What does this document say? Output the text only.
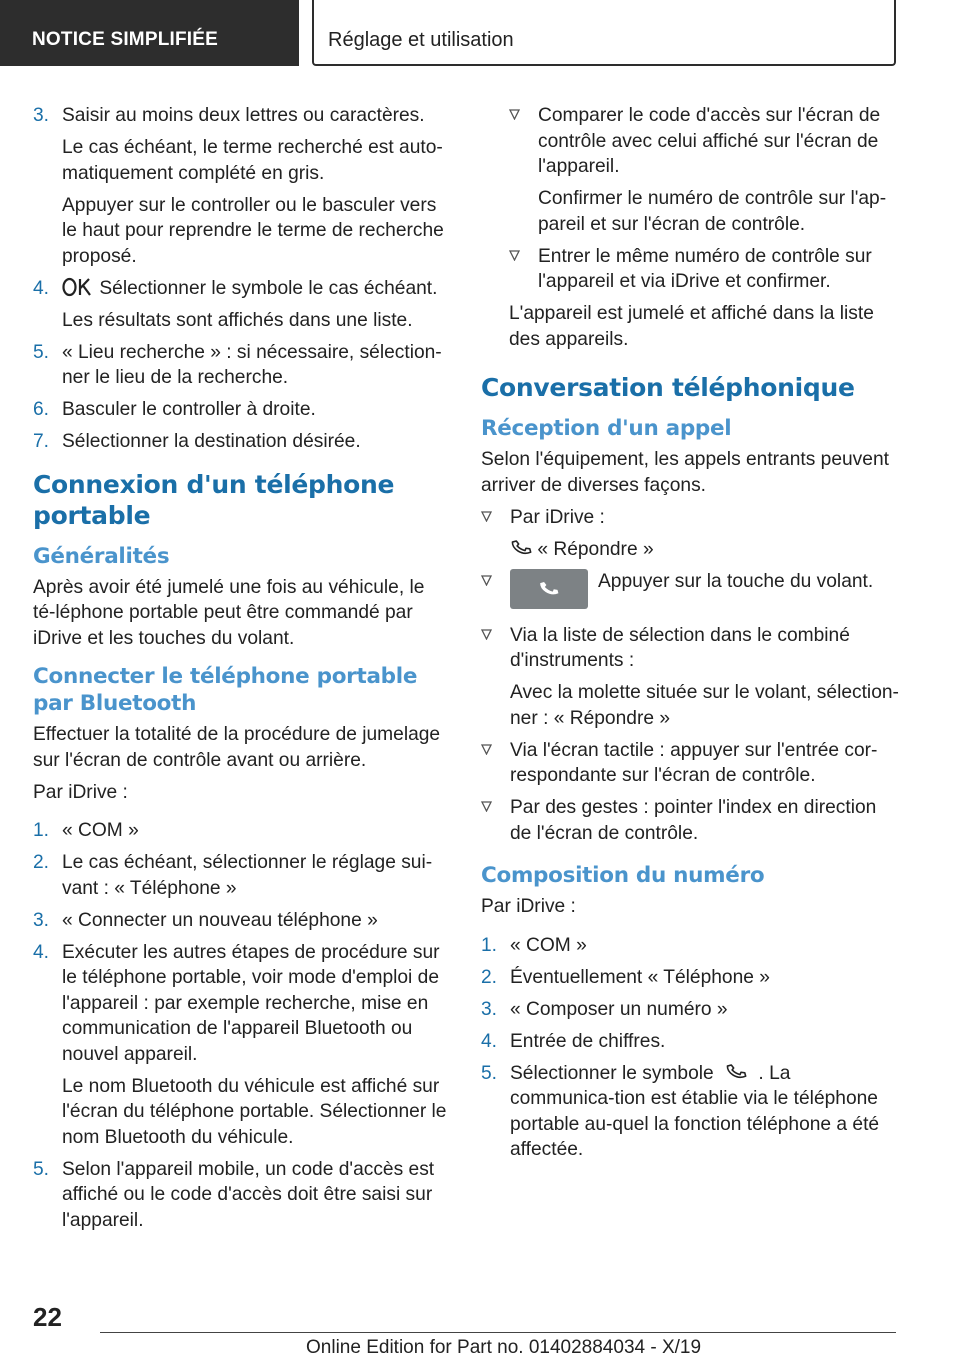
NOTICE SIMPLIFIÉE	Réglage et utilisation
3. Saisir au moins deux lettres ou caractères.
Le cas échéant, le terme recherché est auto-matiquement complété en gris.
Appuyer sur le controller ou le basculer vers le haut pour reprendre le terme de recherche proposé.
4.	Sélectionner le symbole le cas échéant.
Les résultats sont affichés dans une liste.
5. « Lieu recherche » : si nécessaire, sélection-ner le lieu de la recherche.
6. Basculer le controller à droite.
7. Sélectionner la destination désirée.
Connexion d'un téléphone portable
Généralités
Après avoir été jumelé une fois au véhicule, le té-léphone portable peut être commandé par iDrive et les touches du volant.
Connecter le téléphone portable par Bluetooth
Effectuer la totalité de la procédure de jumelage sur l'écran de contrôle avant ou arrière.
Par iDrive :
1. « COM »
2. Le cas échéant, sélectionner le réglage sui-vant : « Téléphone »
3. « Connecter un nouveau téléphone »
4. Exécuter les autres étapes de procédure sur le téléphone portable, voir mode d'emploi de l'appareil : par exemple recherche, mise en communication de l'appareil Bluetooth ou nouvel appareil.
Le nom Bluetooth du véhicule est affiché sur l'écran du téléphone portable. Sélectionner le nom Bluetooth du véhicule.
5. Selon l'appareil mobile, un code d'accès est affiché ou le code d'accès doit être saisi sur l'appareil.
Comparer le code d'accès sur l'écran de contrôle avec celui affiché sur l'écran de l'appareil.
Confirmer le numéro de contrôle sur l'ap-pareil et sur l'écran de contrôle.
Entrer le même numéro de contrôle sur l'appareil et via iDrive et confirmer.
L'appareil est jumelé et affiché dans la liste des appareils.
Conversation téléphonique
Réception d'un appel
Selon l'équipement, les appels entrants peuvent arriver de diverses façons.
Par iDrive :
« Répondre »
Appuyer sur la touche du volant.
Via la liste de sélection dans le combiné d'instruments :
Avec la molette située sur le volant, sélection-ner : « Répondre »
Via l'écran tactile : appuyer sur l'entrée cor-respondante sur l'écran de contrôle.
Par des gestes : pointer l'index en direction de l'écran de contrôle.
Composition du numéro
Par iDrive :
1. « COM »
2. Éventuellement « Téléphone »
3. « Composer un numéro »
4. Entrée de chiffres.
5. Sélectionner le symbole . La communica-tion est établie via le téléphone portable au-quel la fonction téléphone a été affectée.
22
Online Edition for Part no. 01402884034 - X/19
